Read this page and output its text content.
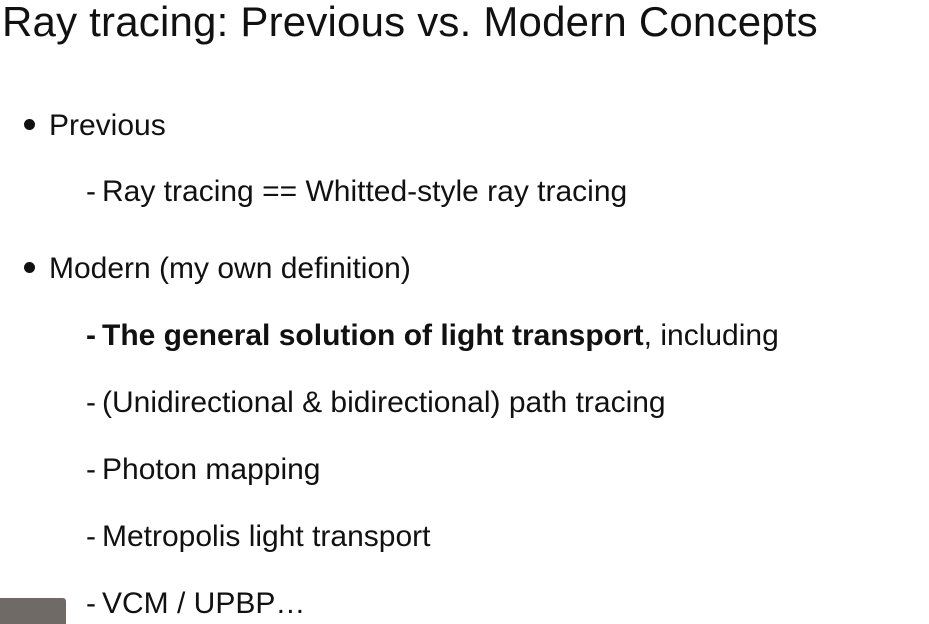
Ray tracing: Previous vs. Modern Concepts
Previous
- Ray tracing == Whitted-style ray tracing
Modern (my own definition)
- The general solution of light transport, including
- (Unidirectional & bidirectional) path tracing
- Photon mapping
- Metropolis light transport
- VCM / UPBP…
